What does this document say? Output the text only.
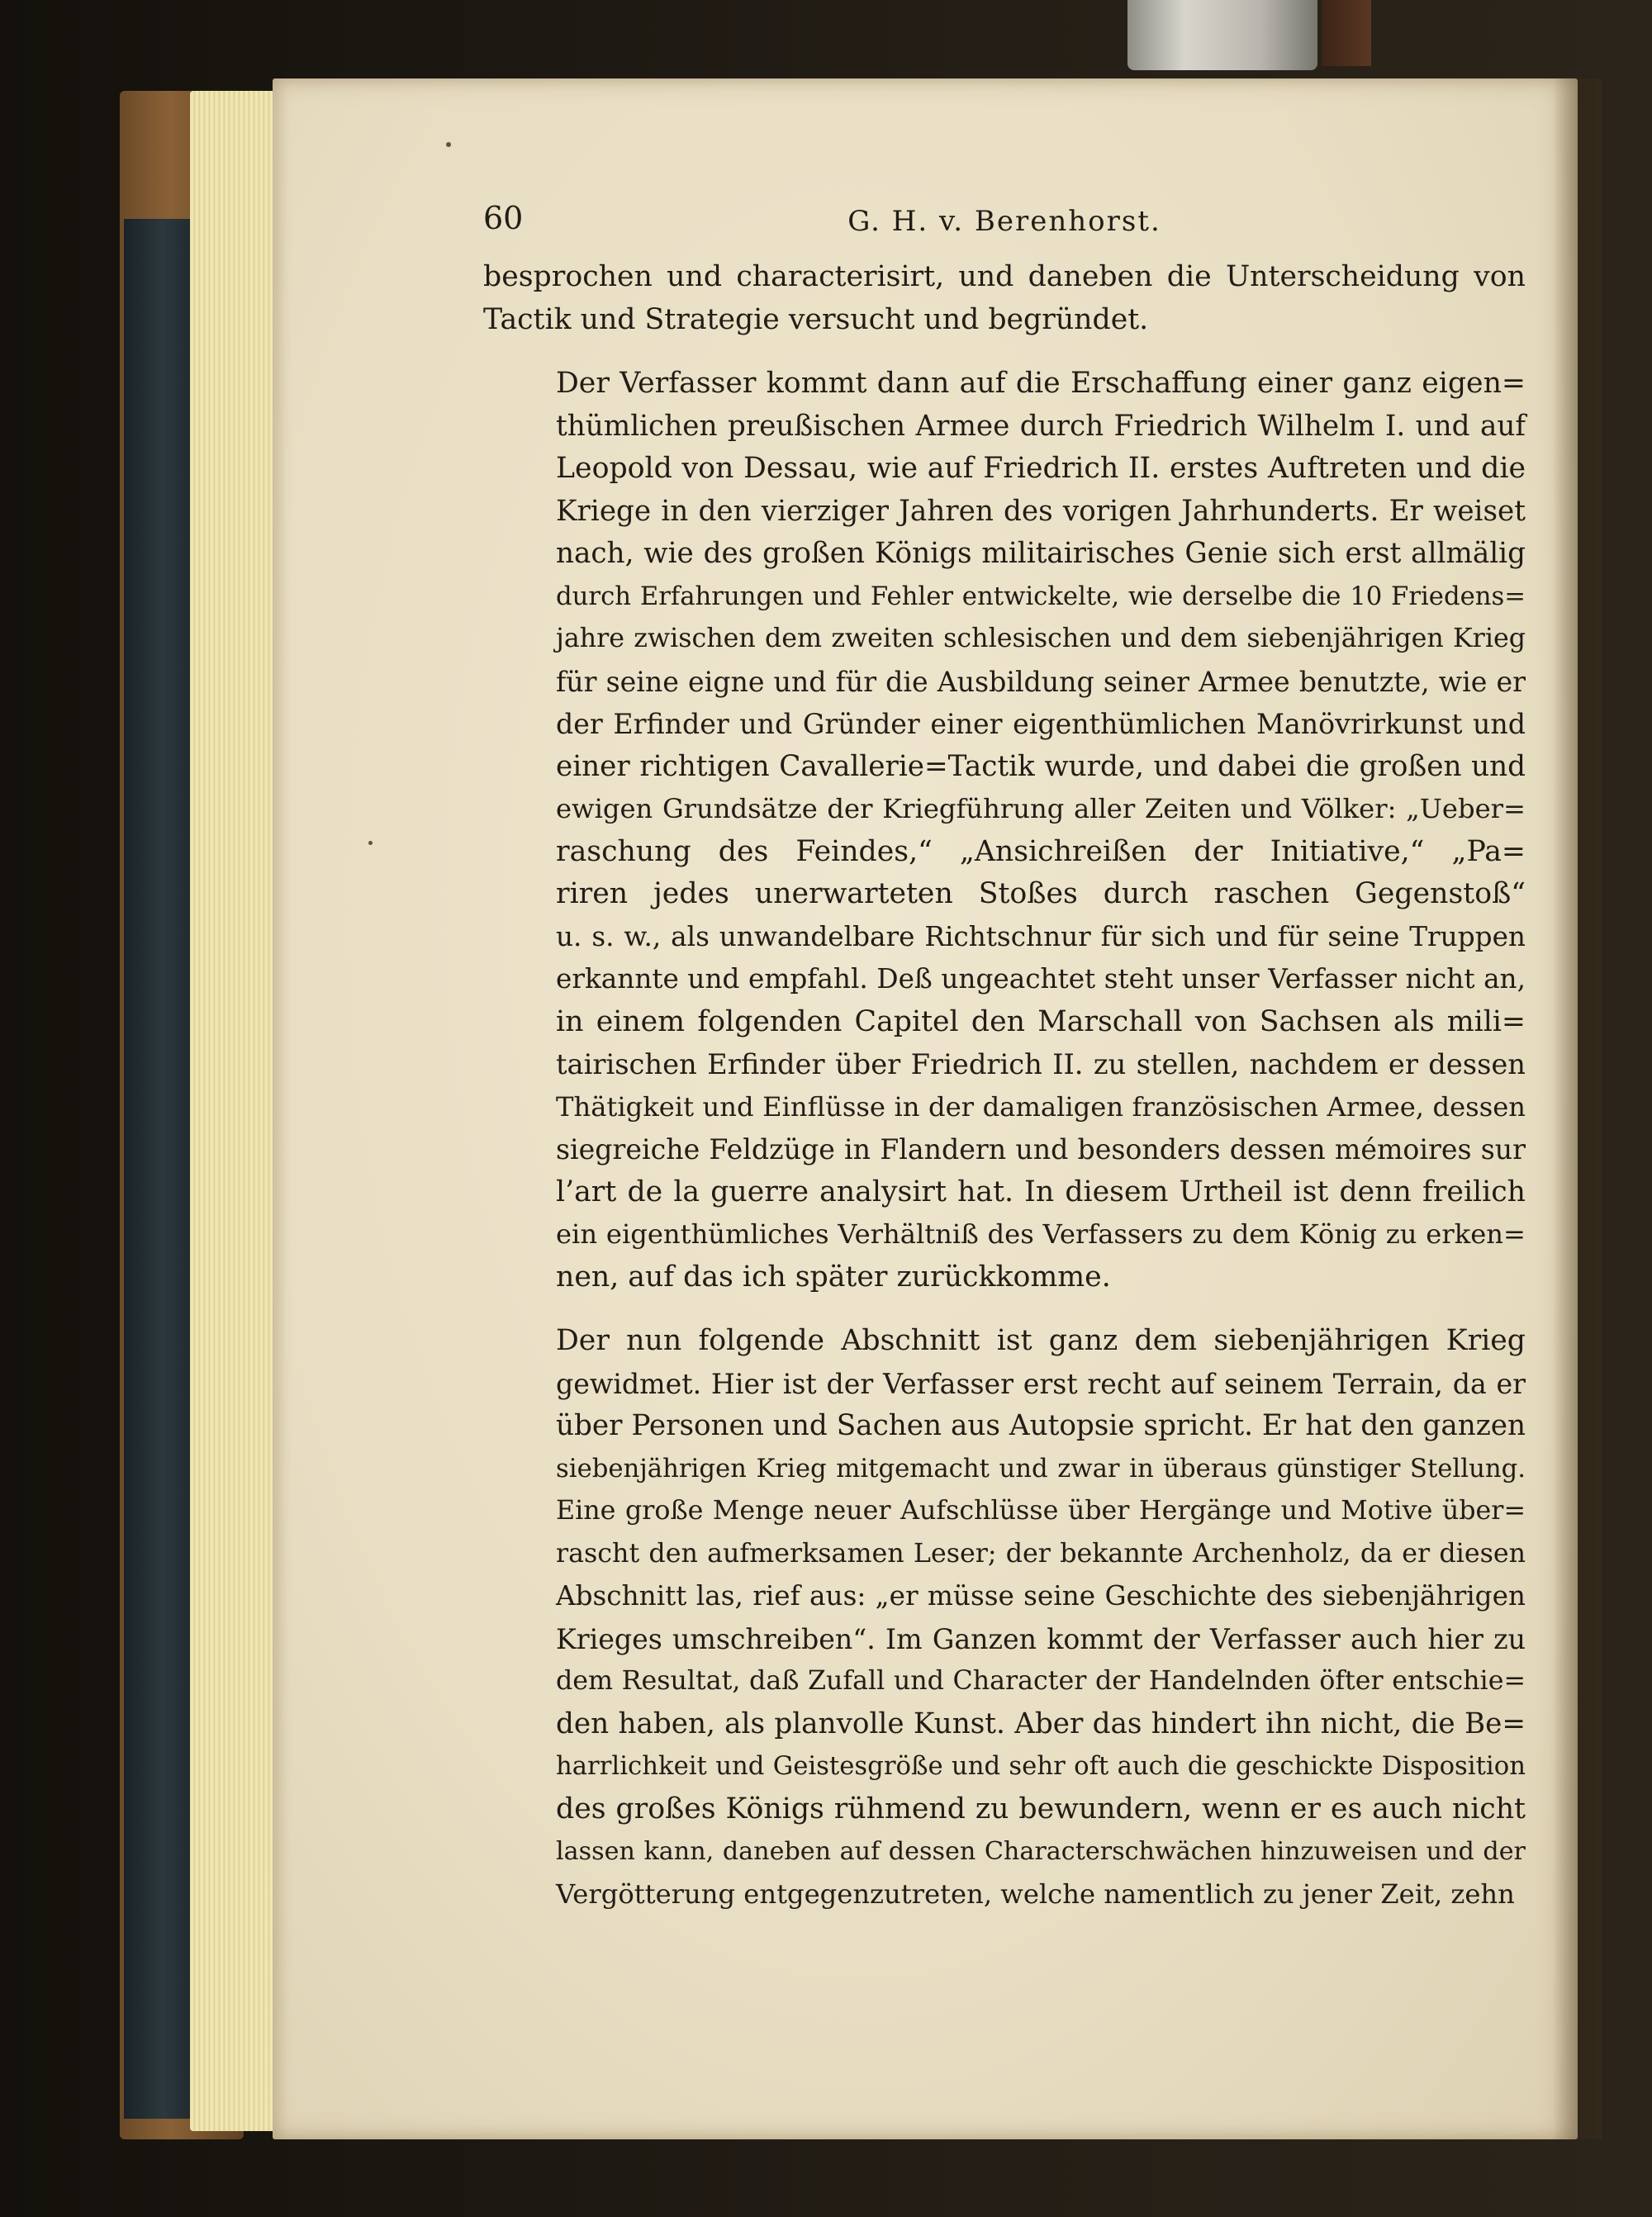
60	G. H. v. Berenhorst.

besprochen und characterisirt, und daneben die Unterscheidung von
Tactik und Strategie versucht und begründet.

Der Verfasser kommt dann auf die Erschaffung einer ganz eigen=
thümlichen preußischen Armee durch Friedrich Wilhelm I. und auf
Leopold von Dessau, wie auf Friedrich II. erstes Auftreten und die
Kriege in den vierziger Jahren des vorigen Jahrhunderts. Er weiset
nach, wie des großen Königs militairisches Genie sich erst allmälig
durch Erfahrungen und Fehler entwickelte, wie derselbe die 10 Friedens=
jahre zwischen dem zweiten schlesischen und dem siebenjährigen Krieg
für seine eigne und für die Ausbildung seiner Armee benutzte, wie er
der Erfinder und Gründer einer eigenthümlichen Manövrirkunst und
einer richtigen Cavallerie=Tactik wurde, und dabei die großen und
ewigen Grundsätze der Kriegführung aller Zeiten und Völker: „Ueber=
raschung des Feindes,“ „Ansichreißen der Initiative,“ „Pa=
riren jedes unerwarteten Stoßes durch raschen Gegenstoß“
u. s. w., als unwandelbare Richtschnur für sich und für seine Truppen
erkannte und empfahl. Deß ungeachtet steht unser Verfasser nicht an,
in einem folgenden Capitel den Marschall von Sachsen als mili=
tairischen Erfinder über Friedrich II. zu stellen, nachdem er dessen
Thätigkeit und Einflüsse in der damaligen französischen Armee, dessen
siegreiche Feldzüge in Flandern und besonders dessen mémoires sur
l’art de la guerre analysirt hat. In diesem Urtheil ist denn freilich
ein eigenthümliches Verhältniß des Verfassers zu dem König zu erken=
nen, auf das ich später zurückkomme.

Der nun folgende Abschnitt ist ganz dem siebenjährigen Krieg
gewidmet. Hier ist der Verfasser erst recht auf seinem Terrain, da er
über Personen und Sachen aus Autopsie spricht. Er hat den ganzen
siebenjährigen Krieg mitgemacht und zwar in überaus günstiger Stellung.
Eine große Menge neuer Aufschlüsse über Hergänge und Motive über=
rascht den aufmerksamen Leser; der bekannte Archenholz, da er diesen
Abschnitt las, rief aus: „er müsse seine Geschichte des siebenjährigen
Krieges umschreiben“. Im Ganzen kommt der Verfasser auch hier zu
dem Resultat, daß Zufall und Character der Handelnden öfter entschie=
den haben, als planvolle Kunst. Aber das hindert ihn nicht, die Be=
harrlichkeit und Geistesgröße und sehr oft auch die geschickte Disposition
des großes Königs rühmend zu bewundern, wenn er es auch nicht
lassen kann, daneben auf dessen Characterschwächen hinzuweisen und der
Vergötterung entgegenzutreten, welche namentlich zu jener Zeit, zehn
